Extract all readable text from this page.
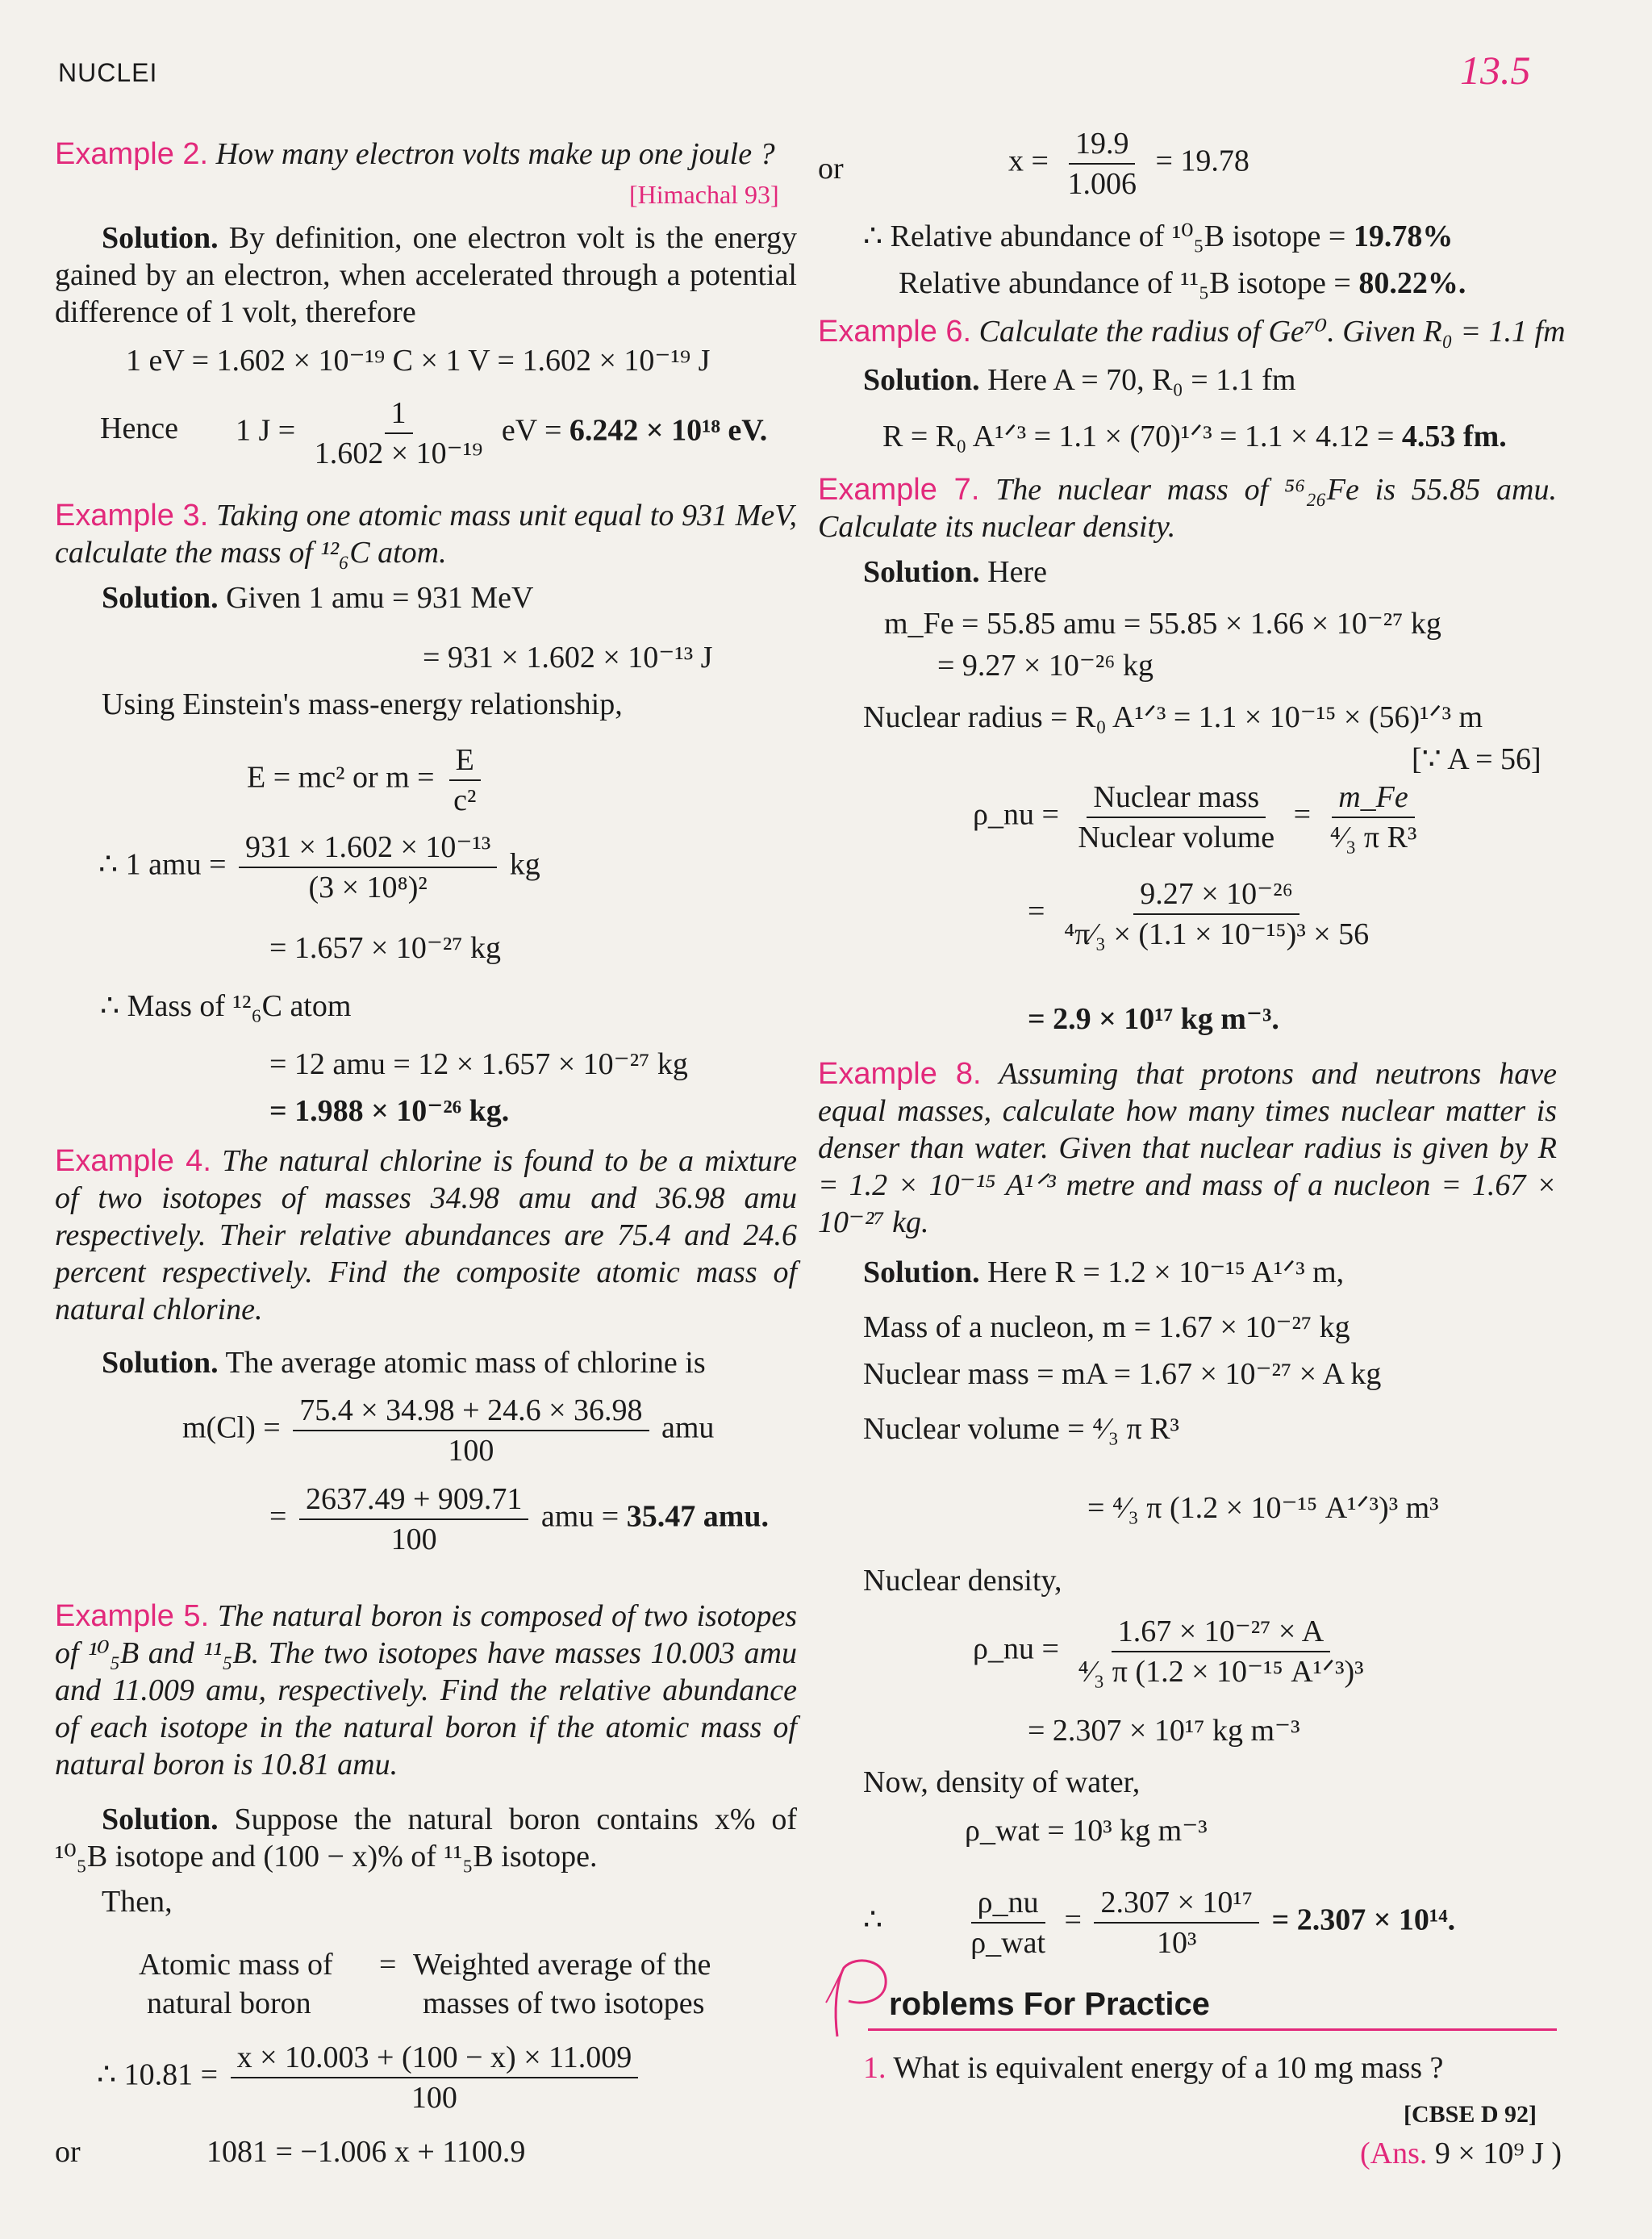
NUCLEI	13.5
Example 2. How many electron volts make up one joule ?
[Himachal 93]
Solution. By definition, one electron volt is the energy gained by an electron, when accelerated through a potential difference of 1 volt, therefore
1 eV = 1.602 × 10⁻¹⁹ C × 1 V = 1.602 × 10⁻¹⁹ J
Hence 1 $J = \frac{1}{\text{1.602 × 10⁻¹⁹}}$ eV = 6.242 × 10¹⁸ eV.
Example 3. Taking one atomic mass unit equal to 931 MeV, calculate the mass of ¹²₆C atom.
Solution. Given 1 amu = 931 MeV
= 931 × 1.602 × 10⁻¹³ J
Using Einstein's mass-energy relationship,
E = mc² or $m = \frac{E}{\text{c²}}$
∴ 1 amu = $\frac{\text{931 × 1.602 × 10⁻¹³}}{\text{(3 × 10⁸)²}}$ kg
= 1.657 × 10⁻²⁷ kg
∴ Mass of ¹²₆C atom
= 12 amu = 12 × 1.657 × 10⁻²⁷ kg
= 1.988 × 10⁻²⁶ kg.
Example 4. The natural chlorine is found to be a mixture of two isotopes of masses 34.98 amu and 36.98 amu respectively. Their relative abundances are 75.4 and 24.6 percent respectively. Find the composite atomic mass of natural chlorine.
Solution. The average atomic mass of chlorine is
$m(Cl) = \frac{75.4 \times 34.98 + 24.6 \times 36.98}{100}$ amu
= $\frac{2637.49 + 909.71}{100}$ amu = 35.47 amu.
Example 5. The natural boron is composed of two isotopes of ¹⁰₅B and ¹¹₅B. The two isotopes have masses 10.003 amu and 11.009 amu, respectively. Find the relative abundance of each isotope in the natural boron if the atomic mass of natural boron is 10.81 amu.
Solution. Suppose the natural boron contains x% of ¹⁰₅B isotope and (100 − x)% of ¹¹₅B isotope.
Then,
Atomic mass of
natural boron
= Weighted average of the
masses of two isotopes
∴ $10.81 = \frac{x \times 10.003 + (100 - x) \times 11.009}{100}$
or	1081 = −1.006 x + 1100.9
or	$x = \frac{19.9}{1.006} = 19.78$
∴ Relative abundance of ¹⁰₅B isotope = 19.78%
Relative abundance of ¹¹₅B isotope = 80.22%.
Example 6. Calculate the radius of Ge⁷⁰. Given R₀ = 1.1 fm
Solution. Here A = 70, R₀ = 1.1 fm
R = R₀ A¹ᐟ³ = 1.1 × (70)¹ᐟ³ = 1.1 × 4.12 = 4.53 fm.
Example 7. The nuclear mass of ⁵⁶₂₆Fe is 55.85 amu. Calculate its nuclear density.
Solution. Here
m_Fe = 55.85 amu = 55.85 × 1.66 × 10⁻²⁷ kg
= 9.27 × 10⁻²⁶ kg
Nuclear radius = R₀ A¹ᐟ³ = 1.1 × 10⁻¹⁵ × (56)¹ᐟ³ m
[∵ A = 56]
ρ_nu = $\frac{\text{Nuclear mass}}{\text{Nuclear volume}} = \frac{m\_Fe}{\text{⁴⁄₃ π R³}}$
= $\frac{\text{9.27 × 10⁻²⁶}}{\text{⁴π⁄₃ × (1.1 × 10⁻¹⁵)³ × 56}}$
= 2.9 × 10¹⁷ kg m⁻³.
Example 8. Assuming that protons and neutrons have equal masses, calculate how many times nuclear matter is denser than water. Given that nuclear radius is given by R = 1.2 × 10⁻¹⁵ A¹ᐟ³ metre and mass of a nucleon = 1.67 × 10⁻²⁷ kg.
Solution. Here R = 1.2 × 10⁻¹⁵ A¹ᐟ³ m,
Mass of a nucleon, m = 1.67 × 10⁻²⁷ kg
Nuclear mass = mA = 1.67 × 10⁻²⁷ × A kg
Nuclear volume = ⁴⁄₃ π R³
= ⁴⁄₃ π (1.2 × 10⁻¹⁵ A¹ᐟ³)³ m³
Nuclear density,
ρ_nu = $\frac{\text{1.67 × 10⁻²⁷ × A}}{\text{⁴⁄₃ π (1.2 × 10⁻¹⁵ A¹ᐟ³)³}}$
= 2.307 × 10¹⁷ kg m⁻³
Now, density of water,
ρ_wat = 10³ kg m⁻³
∴	$\frac{\rho\_nu}{\text{ρ\_wat}} = \frac{\text{2.307 × 10¹⁷}}{\text{10³}} = 2.307 \times 10^{14}$.
roblems For Practice
1. What is equivalent energy of a 10 mg mass ?
[CBSE D 92]
(Ans. 9 × 10⁹ J )
